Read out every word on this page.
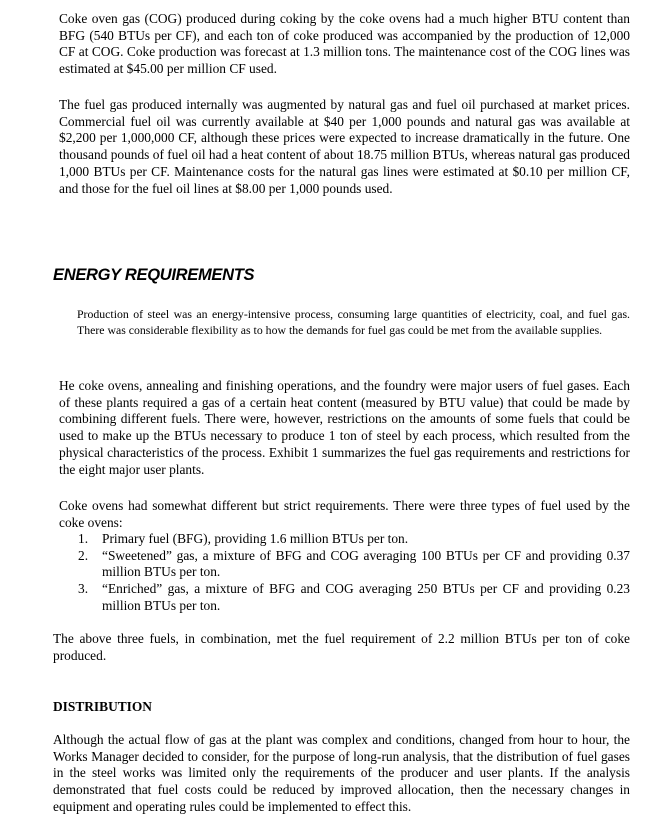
Coke oven gas (COG) produced during coking by the coke ovens had a much higher BTU content than BFG (540 BTUs per CF), and each ton of coke produced was accompanied by the production of 12,000 CF at COG. Coke production was forecast at 1.3 million tons. The maintenance cost of the COG lines was estimated at $45.00 per million CF used.

The fuel gas produced internally was augmented by natural gas and fuel oil purchased at market prices. Commercial fuel oil was currently available at $40 per 1,000 pounds and natural gas was available at $2,200 per 1,000,000 CF, although these prices were expected to increase dramatically in the future. One thousand pounds of fuel oil had a heat content of about 18.75 million BTUs, whereas natural gas produced 1,000 BTUs per CF. Maintenance costs for the natural gas lines were estimated at $0.10 per million CF, and those for the fuel oil lines at $8.00 per 1,000 pounds used.

ENERGY REQUIREMENTS

Production of steel was an energy-intensive process, consuming large quantities of electricity, coal, and fuel gas. There was considerable flexibility as to how the demands for fuel gas could be met from the available supplies.

He coke ovens, annealing and finishing operations, and the foundry were major users of fuel gases. Each of these plants required a gas of a certain heat content (measured by BTU value) that could be made by combining different fuels. There were, however, restrictions on the amounts of some fuels that could be used to make up the BTUs necessary to produce 1 ton of steel by each process, which resulted from the physical characteristics of the process. Exhibit 1 summarizes the fuel gas requirements and restrictions for the eight major user plants.

Coke ovens had somewhat different but strict requirements. There were three types of fuel used by the coke ovens:

1. Primary fuel (BFG), providing 1.6 million BTUs per ton.
2. “Sweetened” gas, a mixture of BFG and COG averaging 100 BTUs per CF and providing 0.37 million BTUs per ton.
3. “Enriched” gas, a mixture of BFG and COG averaging 250 BTUs per CF and providing 0.23 million BTUs per ton.

The above three fuels, in combination, met the fuel requirement of 2.2 million BTUs per ton of coke produced.

DISTRIBUTION

Although the actual flow of gas at the plant was complex and conditions, changed from hour to hour, the Works Manager decided to consider, for the purpose of long-run analysis, that the distribution of fuel gases in the steel works was limited only the requirements of the producer and user plants. If the analysis demonstrated that fuel costs could be reduced by improved allocation, then the necessary changes in equipment and operating rules could be implemented to effect this.
